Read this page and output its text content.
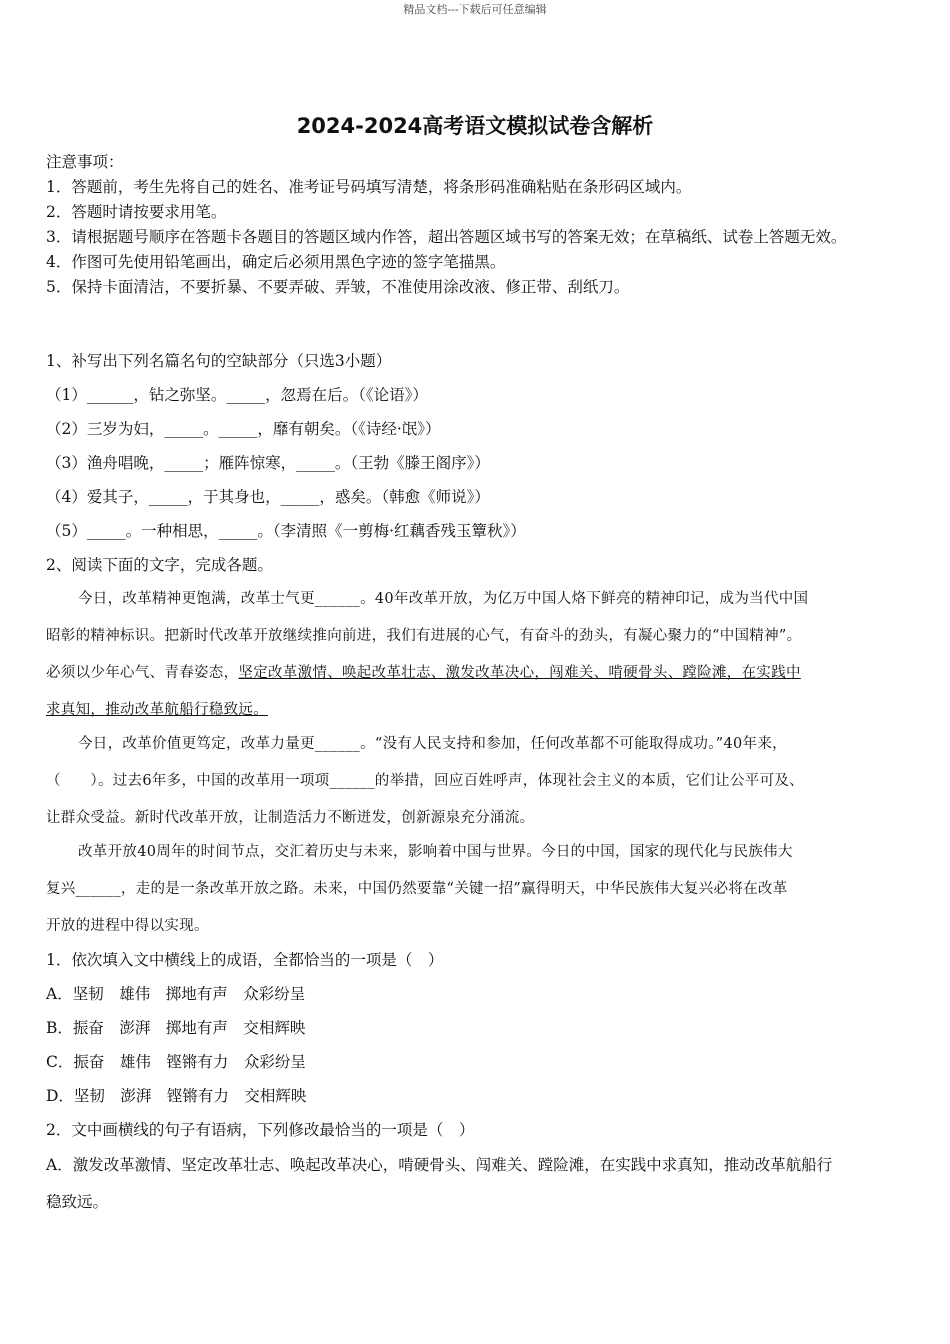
精品文档---下载后可任意编辑
2024-2024高考语文模拟试卷含解析
注意事项：
1．答题前，考生先将自己的姓名、准考证号码填写清楚，将条形码准确粘贴在条形码区域内。
2．答题时请按要求用笔。
3．请根据题号顺序在答题卡各题目的答题区域内作答，超出答题区域书写的答案无效；在草稿纸、试卷上答题无效。
4．作图可先使用铅笔画出，确定后必须用黑色字迹的签字笔描黑。
5．保持卡面清洁，不要折暴、不要弄破、弄皱，不准使用涂改液、修正带、刮纸刀。
1、补写出下列名篇名句的空缺部分（只选3小题）
（1）______，钻之弥坚。_____，忽焉在后。（《论语》）
（2）三岁为妇，_____。_____，靡有朝矣。（《诗经·氓》）
（3）渔舟唱晚，_____；雁阵惊寒，_____。（王勃《滕王阁序》）
（4）爱其子，_____，于其身也，_____，惑矣。（韩愈《师说》）
（5）_____。一种相思，_____。（李清照《一剪梅·红藕香残玉簟秋》）
2、阅读下面的文字，完成各题。
今日，改革精神更饱满，改革士气更______。40年改革开放，为亿万中国人烙下鲜亮的精神印记，成为当代中国
昭彰的精神标识。把新时代改革开放继续推向前进，我们有进展的心气，有奋斗的劲头，有凝心聚力的“中国精神”。
必须以少年心气、青春姿态，坚定改革激情、唤起改革壮志、激发改革决心，闯难关、啃硬骨头、蹚险滩，在实践中
求真知，推动改革航船行稳致远。
今日，改革价值更笃定，改革力量更______。“没有人民支持和参加，任何改革都不可能取得成功。”40年来，
（　　）。过去6年多，中国的改革用一项项______的举措，回应百姓呼声，体现社会主义的本质，它们让公平可及、
让群众受益。新时代改革开放，让制造活力不断迸发，创新源泉充分涌流。
改革开放40周年的时间节点，交汇着历史与未来，影响着中国与世界。今日的中国，国家的现代化与民族伟大
复兴______，走的是一条改革开放之路。未来，中国仍然要靠“关键一招”赢得明天，中华民族伟大复兴必将在改革
开放的进程中得以实现。
1．依次填入文中横线上的成语，全都恰当的一项是（　）
A．坚韧　雄伟　掷地有声　众彩纷呈
B．振奋　澎湃　掷地有声　交相辉映
C．振奋　雄伟　铿锵有力　众彩纷呈
D．坚韧　澎湃　铿锵有力　交相辉映
2．文中画横线的句子有语病，下列修改最恰当的一项是（　）
A．激发改革激情、坚定改革壮志、唤起改革决心，啃硬骨头、闯难关、蹚险滩，在实践中求真知，推动改革航船行
稳致远。
